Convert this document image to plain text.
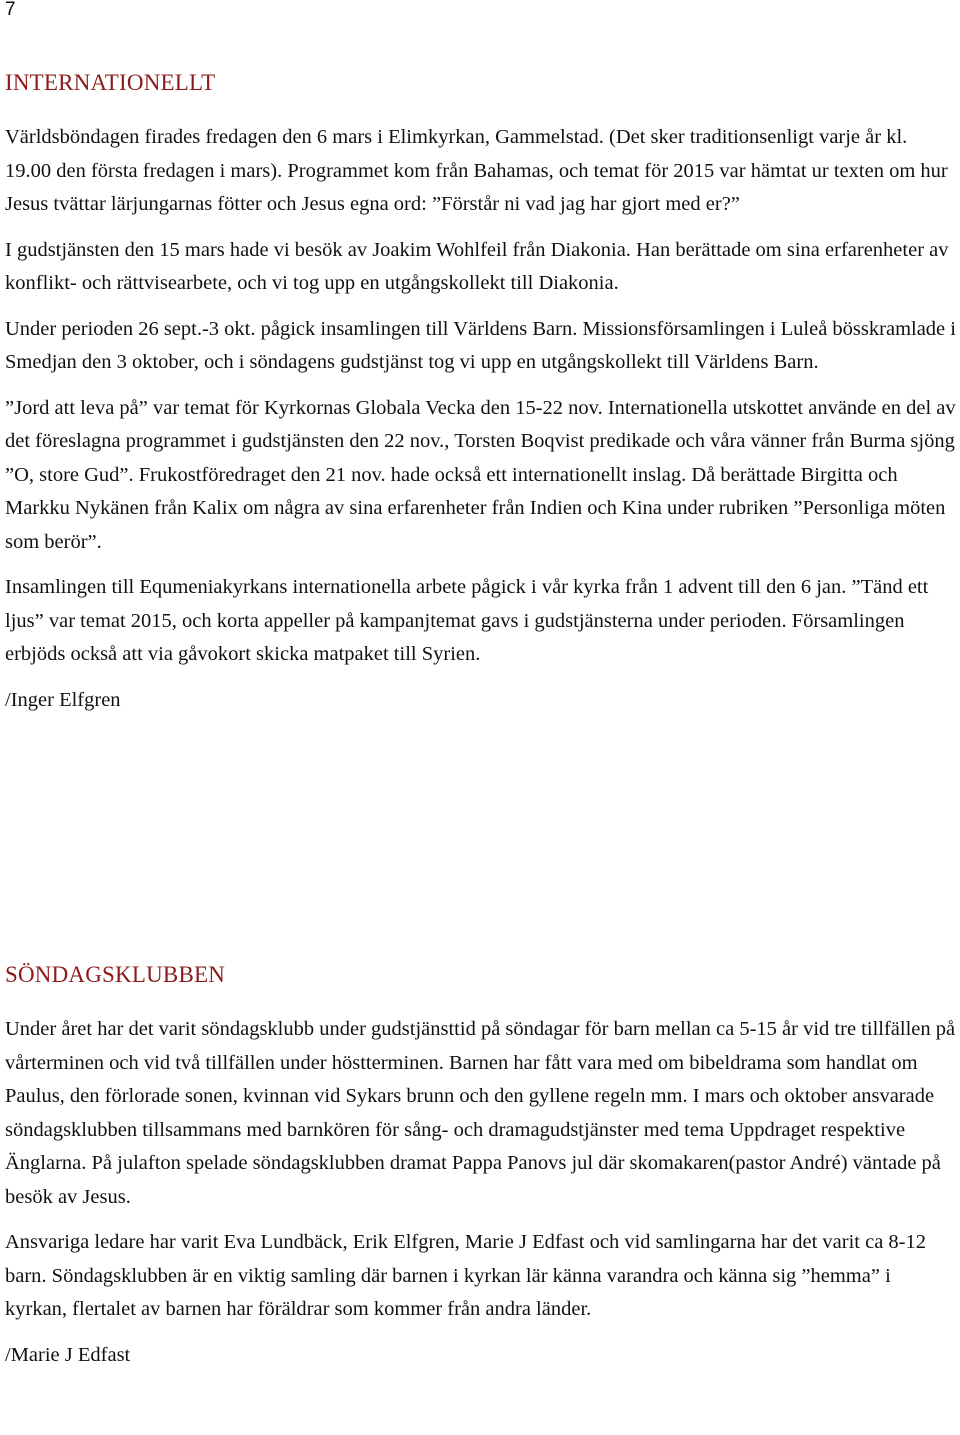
7

INTERNATIONELLT

Världsböndagen firades fredagen den 6 mars i Elimkyrkan, Gammelstad. (Det sker traditionsenligt varje år kl. 19.00 den första fredagen i mars). Programmet kom från Bahamas, och temat för 2015 var hämtat ur texten om hur Jesus tvättar lärjungarnas fötter och Jesus egna ord: ”Förstår ni vad jag har gjort med er?”

I gudstjänsten den 15 mars hade vi besök av Joakim Wohlfeil från Diakonia. Han berättade om sina erfarenheter av konflikt- och rättvisearbete, och vi tog upp en utgångskollekt till Diakonia.

Under perioden 26 sept.-3 okt. pågick insamlingen till Världens Barn. Missionsförsamlingen i Luleå bösskramlade i Smedjan den 3 oktober, och i söndagens gudstjänst tog vi upp en utgångskollekt till Världens Barn.

”Jord att leva på” var temat för Kyrkornas Globala Vecka den 15-22 nov. Internationella utskottet använde en del av det föreslagna programmet i gudstjänsten den 22 nov., Torsten Boqvist predikade och våra vänner från Burma sjöng ”O, store Gud”. Frukostföredraget den 21 nov. hade också ett internationellt inslag. Då berättade Birgitta och Markku Nykänen från Kalix om några av sina erfarenheter från Indien och Kina under rubriken ”Personliga möten som berör”.

Insamlingen till Equmeniakyrkans internationella arbete pågick i vår kyrka från 1 advent till den 6 jan. ”Tänd ett ljus” var temat 2015, och korta appeller på kampanjtemat gavs i gudstjänsterna under perioden. Församlingen erbjöds också att via gåvokort skicka matpaket till Syrien.

/Inger Elfgren

SÖNDAGSKLUBBEN

Under året har det varit söndagsklubb under gudstjänsttid på söndagar för barn mellan ca 5-15 år vid tre tillfällen på vårterminen och vid två tillfällen under höstterminen. Barnen har fått vara med om bibeldrama som handlat om Paulus, den förlorade sonen, kvinnan vid Sykars brunn och den gyllene regeln mm. I mars och oktober ansvarade söndagsklubben tillsammans med barnkören för sång- och dramagudstjänster med tema Uppdraget respektive Änglarna. På julafton spelade söndagsklubben dramat Pappa Panovs jul där skomakaren(pastor André) väntade på besök av Jesus.

Ansvariga ledare har varit Eva Lundbäck, Erik Elfgren, Marie J Edfast och vid samlingarna har det varit ca 8-12 barn. Söndagsklubben är en viktig samling där barnen i kyrkan lär känna varandra och känna sig ”hemma” i kyrkan, flertalet av barnen har föräldrar som kommer från andra länder.

/Marie J Edfast
